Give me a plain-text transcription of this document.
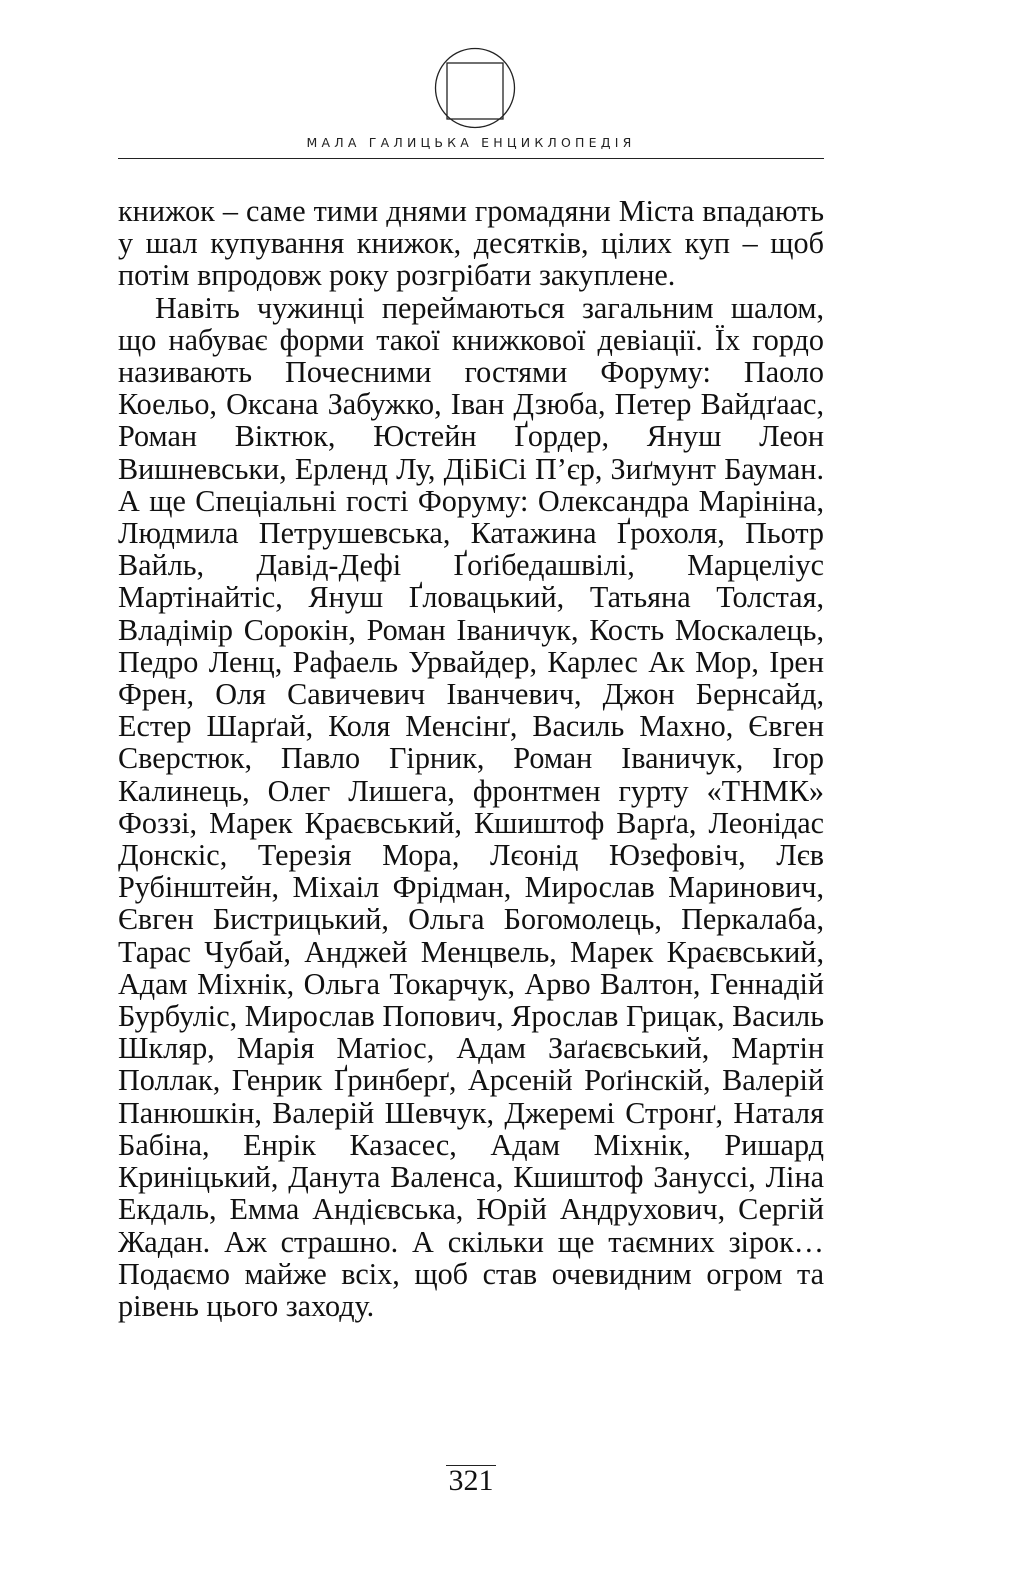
МАЛА ГАЛИЦЬКА ЕНЦИКЛОПЕДІЯ

книжок – саме тими днями громадяни Міста впадають у шал купування книжок, десятків, цілих куп – щоб потім впродовж року розгрібати закуплене.

Навіть чужинці переймаються загальним шалом, що набуває форми такої книжкової девіації. Їх гордо називають Почесними гостями Форуму: Паоло Коельо, Оксана Забужко, Іван Дзюба, Петер Вайдґаас, Роман Віктюк, Юстейн Ґордер, Януш Леон Вишневськи, Ерленд Лу, ДіБіСі П’єр, Зиґмунт Бауман. А ще Спеціальні гості Форуму: Олександра Марініна, Людмила Петрушевська, Катажина Ґрохоля, Пьотр Вайль, Давід-Дефі Ґоґібедашвілі, Марцеліус Мартінайтіс, Януш Ґловацький, Татьяна Толстая, Владімір Сорокін, Роман Іваничук, Кость Москалець, Педро Ленц, Рафаель Урвайдер, Карлес Ак Мор, Ірен Френ, Оля Савичевич Іванчевич, Джон Бернсайд, Естер Шарґай, Коля Менсінґ, Василь Махно, Євген Сверстюк, Павло Гірник, Роман Іваничук, Ігор Калинець, Олег Лишега, фронтмен гурту «ТНМК» Фоззі, Марек Краєвський, Кшиштоф Варґа, Леонідас Донскіс, Терезія Мора, Лєонід Юзефовіч, Лєв Рубінштейн, Міхаіл Фрідман, Мирослав Маринович, Євген Бистрицький, Ольга Богомолець, Перкалаба, Тарас Чубай, Анджей Менцвель, Марек Краєвський, Адам Міхнік, Ольга Токарчук, Арво Валтон, Геннадій Бурбуліс, Мирослав Попович, Ярослав Грицак, Василь Шкляр, Марія Матіос, Адам Заґаєвський, Мартін Поллак, Генрик Ґринберґ, Арсеній Роґінскій, Валерій Панюшкін, Валерій Шевчук, Джеремі Стронґ, Наталя Бабіна, Енрік Казасес, Адам Міхнік, Ришард Криніцький, Данута Валенса, Кшиштоф Зануссі, Ліна Екдаль, Емма Андієвська, Юрій Андрухович, Сергій Жадан. Аж страшно. А скільки ще таємних зірок… Подаємо майже всіх, щоб став очевидним огром та рівень цього заходу.

321
